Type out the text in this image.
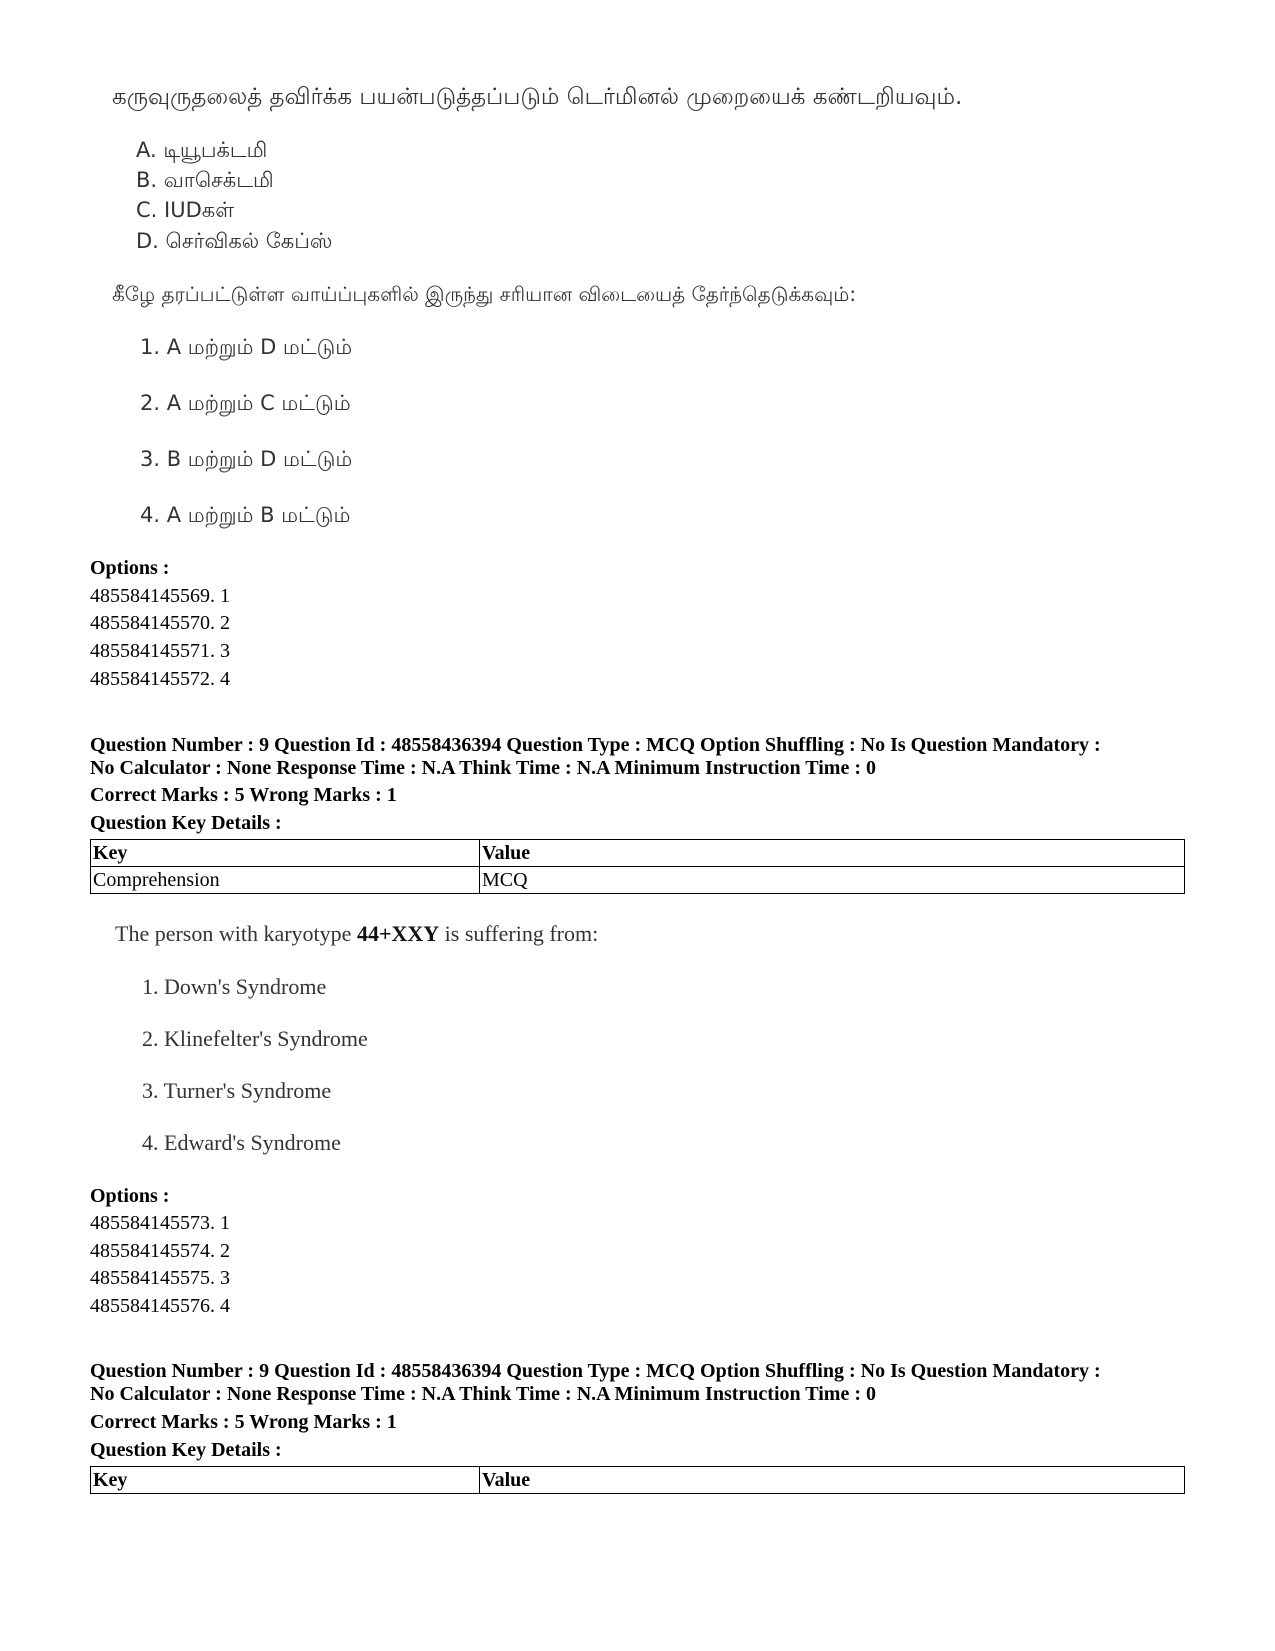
கருவுருதலைத் தவிர்க்க பயன்படுத்தப்படும் டெர்மினல் முறையைக் கண்டறியவும்.
A. டியூபக்டமி
B. வாசெக்டமி
C. IUDகள்
D. செர்விகல் கேப்ஸ்
கீழே தரப்பட்டுள்ள வாய்ப்புகளில் இருந்து சரியான விடையைத் தேர்ந்தெடுக்கவும்:
1. A மற்றும் D மட்டும்
2. A மற்றும் C மட்டும்
3. B மற்றும் D மட்டும்
4. A மற்றும் B மட்டும்
Options :
485584145569. 1
485584145570. 2
485584145571. 3
485584145572. 4
Question Number : 9 Question Id : 48558436394 Question Type : MCQ Option Shuffling : No Is Question Mandatory :
No Calculator : None Response Time : N.A Think Time : N.A Minimum Instruction Time : 0
Correct Marks : 5 Wrong Marks : 1
Question Key Details :
Key	Value
Comprehension	MCQ
The person with karyotype 44+XXY is suffering from:
1. Down's Syndrome
2. Klinefelter's Syndrome
3. Turner's Syndrome
4. Edward's Syndrome
Options :
485584145573. 1
485584145574. 2
485584145575. 3
485584145576. 4
Question Number : 9 Question Id : 48558436394 Question Type : MCQ Option Shuffling : No Is Question Mandatory :
No Calculator : None Response Time : N.A Think Time : N.A Minimum Instruction Time : 0
Correct Marks : 5 Wrong Marks : 1
Question Key Details :
Key	Value
